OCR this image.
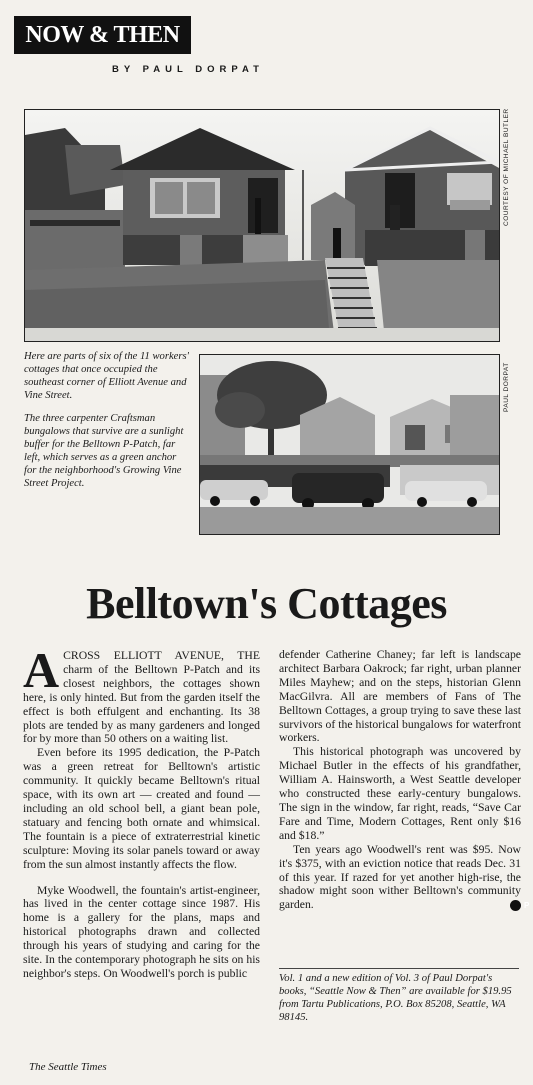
NOW & THEN
BY PAUL DORPAT

COURTESY OF MICHAEL BUTLER

Here are parts of six of the 11 workers' cottages that once occupied the southeast corner of Elliott Avenue and Vine Street.

The three carpenter Craftsman bungalows that survive are a sunlight buffer for the Belltown P-Patch, far left, which serves as a green anchor for the neighborhood's Growing Vine Street Project.

PAUL DORPAT
Belltown's Cottages

ACROSS ELLIOTT AVENUE, THE charm of the Belltown P-Patch and its closest neighbors, the cottages shown here, is only hinted. But from the garden itself the effect is both effulgent and enchanting. Its 38 plots are tended by as many gardeners and longed for by more than 50 others on a waiting list.

Even before its 1995 dedication, the P-Patch was a green retreat for Belltown's artistic community. It quickly became Belltown's ritual space, with its own art — created and found — including an old school bell, a giant bean pole, statuary and fencing both ornate and whimsical. The fountain is a piece of extraterrestrial kinetic sculpture: Moving its solar panels toward or away from the sun almost instantly affects the flow.

Myke Woodwell, the fountain's artist-engineer, has lived in the center cottage since 1987. His home is a gallery for the plans, maps and historical photographs drawn and collected through his years of studying and caring for the site. In the contemporary photograph he sits on his neighbor's steps. On Woodwell's porch is public

defender Catherine Chaney; far left is landscape architect Barbara Oakrock; far right, urban planner Miles Mayhew; and on the steps, historian Glenn MacGilvra. All are members of Fans of The Belltown Cottages, a group trying to save these last survivors of the historical bungalows for waterfront workers.

This historical photograph was uncovered by Michael Butler in the effects of his grandfather, William A. Hainsworth, a West Seattle developer who constructed these early-century bungalows. The sign in the window, far right, reads, “Save Car Fare and Time, Modern Cottages, Rent only $16 and $18.”

Ten years ago Woodwell's rent was $95. Now it's $375, with an eviction notice that reads Dec. 31 of this year. If razed for yet another high-rise, the shadow might soon wither Belltown's community garden.	P

Vol. 1 and a new edition of Vol. 3 of Paul Dorpat's books, “Seattle Now & Then” are available for $19.95 from Tartu Publications, P.O. Box 85208, Seattle, WA 98145.
The Seattle Times
